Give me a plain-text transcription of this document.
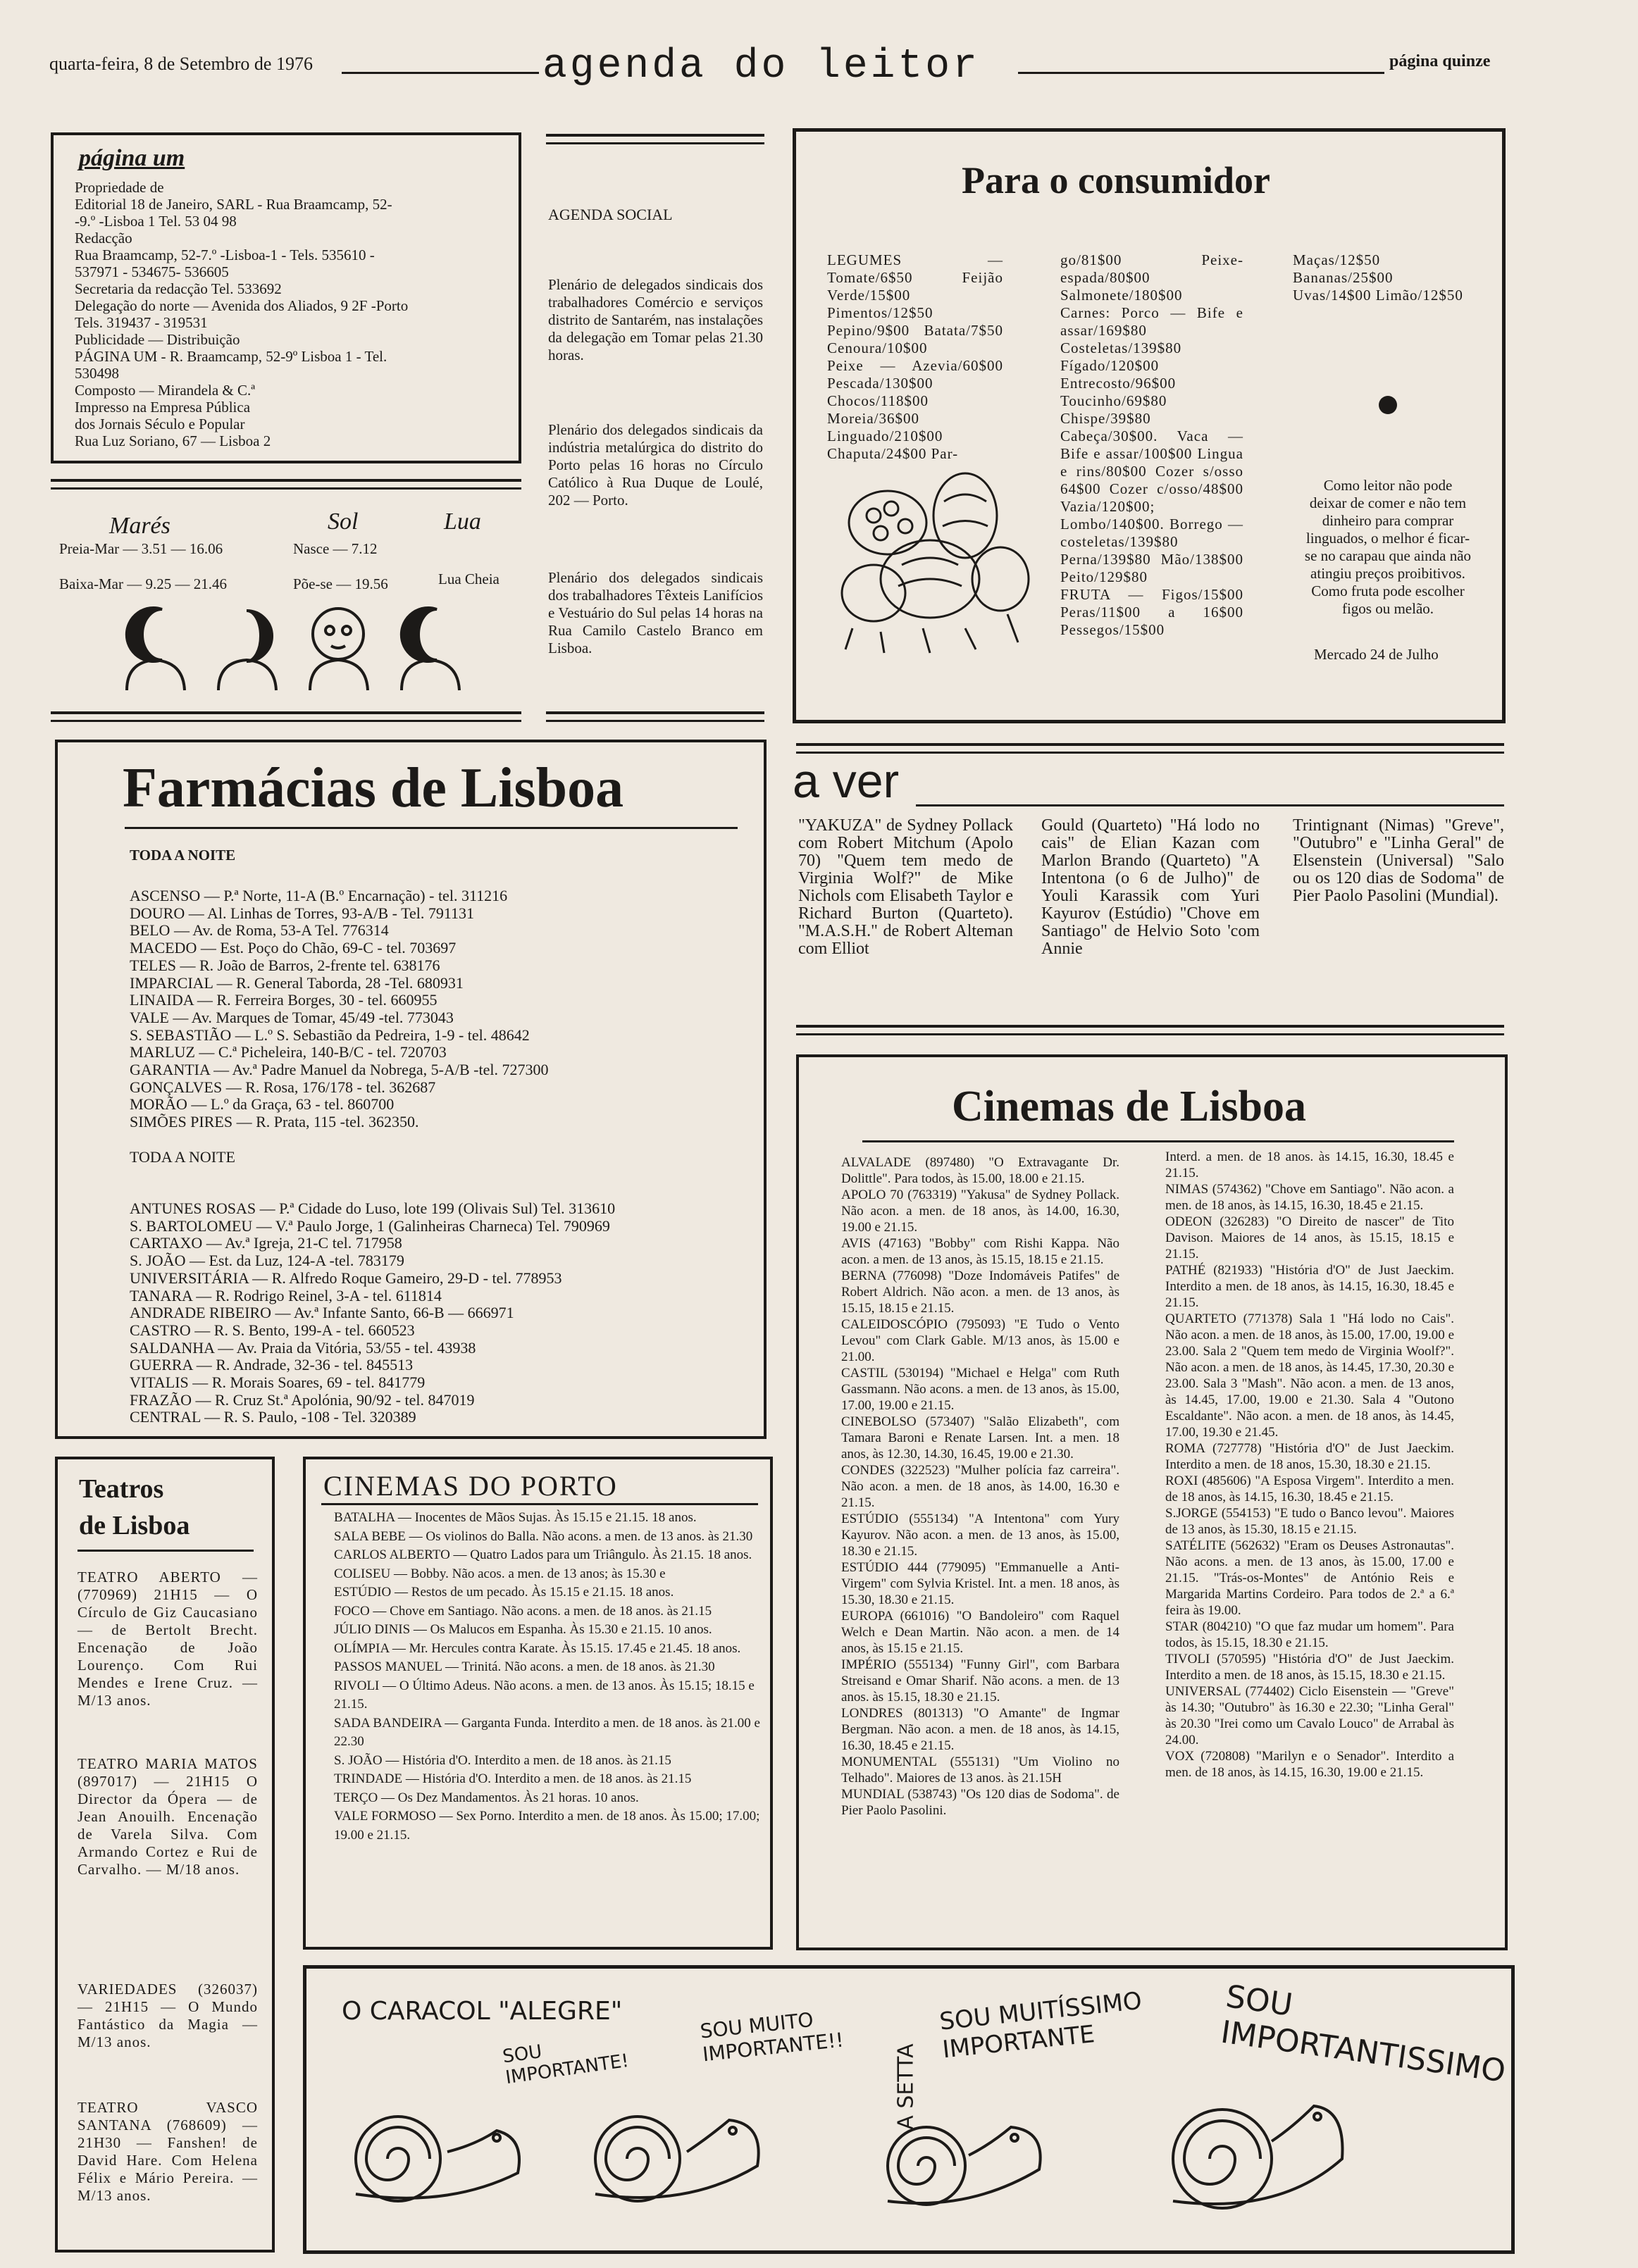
quarta-feira, 8 de Setembro de 1976	agenda do leitor	página quinze
página um
Propriedade de
Editorial 18 de Janeiro, SARL - Rua Braamcamp, 52-
-9.º -Lisboa 1 Tel. 53 04 98
Redacção
Rua Braamcamp, 52-7.º -Lisboa-1 - Tels. 535610 -
537971 - 534675- 536605
Secretaria da redacção Tel. 533692
Delegação do norte — Avenida dos Aliados, 9 2F -Porto
Tels. 319437 - 319531
Publicidade — Distribuição
PÁGINA UM - R. Braamcamp, 52-9º Lisboa 1 - Tel.
530498
Composto — Mirandela & C.ª
Impresso na Empresa Pública
dos Jornais Século e Popular
Rua Luz Soriano, 67 — Lisboa 2
Marés	Sol	Lua
Preia-Mar — 3.51 — 16.06	Nasce — 7.12
Baixa-Mar — 9.25 — 21.46	Põe-se — 19.56	Lua Cheia
AGENDA SOCIAL
Plenário de delegados sindicais dos trabalhadores Comércio e serviços distrito de Santarém, nas instalações da delegação em Tomar pelas 21.30 horas.
Plenário dos delegados sindicais da indústria metalúrgica do distrito do Porto pelas 16 horas no Círculo Católico à Rua Duque de Loulé, 202 — Porto.
Plenário dos delegados sindicais dos trabalhadores Têxteis Lanifícios e Vestuário do Sul pelas 14 horas na Rua Camilo Castelo Branco em Lisboa.
Para o consumidor
LEGUMES — Tomate/6$50 Feijão Verde/15$00 Pimentos/12$50 Pepino/9$00 Batata/7$50 Cenoura/10$00
Peixe — Azevia/60$00 Pescada/130$00 Chocos/118$00 Moreia/36$00 Linguado/210$00 Chaputa/24$00 Par-
go/81$00 Peixe-espada/80$00 Salmonete/180$00
Carnes: Porco — Bife e assar/169$80 Costeletas/139$80 Fígado/120$00 Entrecosto/96$00 Toucinho/69$80 Chispe/39$80 Cabeça/30$00. Vaca — Bife e assar/100$00 Lingua e rins/80$00 Cozer s/osso 64$00 Cozer c/osso/48$00 Vazia/120$00; Lombo/140$00. Borrego — costeletas/139$80 Perna/139$80 Mão/138$00 Peito/129$80
FRUTA — Figos/15$00 Peras/11$00 a 16$00 Pessegos/15$00
Maças/12$50 Bananas/25$00 Uvas/14$00 Limão/12$50
Como leitor não pode deixar de comer e não tem dinheiro para comprar linguados, o melhor é ficar-se no carapau que ainda não atingiu preços proibitivos. Como fruta pode escolher figos ou melão.
Mercado 24 de Julho
Farmácias de Lisboa
TODA A NOITE
ASCENSO — P.ª Norte, 11-A (B.º Encarnação) - tel. 311216
DOURO — Al. Linhas de Torres, 93-A/B - Tel. 791131
BELO — Av. de Roma, 53-A Tel. 776314
MACEDO — Est. Poço do Chão, 69-C - tel. 703697
TELES — R. João de Barros, 2-frente tel. 638176
IMPARCIAL — R. General Taborda, 28 -Tel. 680931
LINAIDA — R. Ferreira Borges, 30 - tel. 660955
VALE — Av. Marques de Tomar, 45/49 -tel. 773043
S. SEBASTIÃO — L.º S. Sebastião da Pedreira, 1-9 - tel. 48642
MARLUZ — C.ª Picheleira, 140-B/C - tel. 720703
GARANTIA — Av.ª Padre Manuel da Nobrega, 5-A/B -tel. 727300
GONÇALVES — R. Rosa, 176/178 - tel. 362687
MORÃO — L.º da Graça, 63 - tel. 860700
SIMÕES PIRES — R. Prata, 115 -tel. 362350.
TODA A NOITE
ANTUNES ROSAS — P.ª Cidade do Luso, lote 199 (Olivais Sul) Tel. 313610
S. BARTOLOMEU — V.ª Paulo Jorge, 1 (Galinheiras Charneca) Tel. 790969
CARTAXO — Av.ª Igreja, 21-C tel. 717958
S. JOÃO — Est. da Luz, 124-A -tel. 783179
UNIVERSITÁRIA — R. Alfredo Roque Gameiro, 29-D - tel. 778953
TANARA — R. Rodrigo Reinel, 3-A - tel. 611814
ANDRADE RIBEIRO — Av.ª Infante Santo, 66-B — 666971
CASTRO — R. S. Bento, 199-A - tel. 660523
SALDANHA — Av. Praia da Vitória, 53/55 - tel. 43938
GUERRA — R. Andrade, 32-36 - tel. 845513
VITALIS — R. Morais Soares, 69 - tel. 841779
FRAZÃO — R. Cruz St.ª Apolónia, 90/92 - tel. 847019
CENTRAL — R. S. Paulo, -108 - Tel. 320389
a ver
"YAKUZA" de Sydney Pollack com Robert Mitchum (Apolo 70) "Quem tem medo de Virginia Wolf?" de Mike Nichols com Elisabeth Taylor e Richard Burton (Quarteto). "M.A.S.H." de Robert Alteman com Elliot
Gould (Quarteto) "Há lodo no cais" de Elian Kazan com Marlon Brando (Quarteto) "A Intentona (o 6 de Julho)" de Youli Karassik com Yuri Kayurov (Estúdio) "Chove em Santiago" de Helvio Soto 'com Annie
Trintignant (Nimas) "Greve", "Outubro" e "Linha Geral" de Elsenstein (Universal) "Salo ou os 120 dias de Sodoma" de Pier Paolo Pasolini (Mundial).
Cinemas de Lisboa
ALVALADE (897480) "O Extravagante Dr. Dolittle". Para todos, às 15.00, 18.00 e 21.15.
APOLO 70 (763319) "Yakusa" de Sydney Pollack. Não acon. a men. de 18 anos, às 14.00, 16.30, 19.00 e 21.15.
AVIS (47163) "Bobby" com Rishi Kappa. Não acon. a men. de 13 anos, às 15.15, 18.15 e 21.15.
BERNA (776098) "Doze Indomáveis Patifes" de Robert Aldrich. Não acon. a men. de 13 anos, às 15.15, 18.15 e 21.15.
CALEIDOSCÓPIO (795093) "E Tudo o Vento Levou" com Clark Gable. M/13 anos, às 15.00 e 21.00.
CASTIL (530194) "Michael e Helga" com Ruth Gassmann. Não acons. a men. de 13 anos, às 15.00, 17.00, 19.00 e 21.15.
CINEBOLSO (573407) "Salão Elizabeth", com Tamara Baroni e Renate Larsen. Int. a men. 18 anos, às 12.30, 14.30, 16.45, 19.00 e 21.30.
CONDES (322523) "Mulher polícia faz carreira". Não acon. a men. de 18 anos, às 14.00, 16.30 e 21.15.
ESTÚDIO (555134) "A Intentona" com Yury Kayurov. Não acon. a men. de 13 anos, às 15.00, 18.30 e 21.15.
ESTÚDIO 444 (779095) "Emmanuelle a Anti-Virgem" com Sylvia Kristel. Int. a men. 18 anos, às 15.30, 18.30 e 21.15.
EUROPA (661016) "O Bandoleiro" com Raquel Welch e Dean Martin. Não acon. a men. de 14 anos, às 15.15 e 21.15.
IMPÉRIO (555134) "Funny Girl", com Barbara Streisand e Omar Sharif. Não acons. a men. de 13 anos. às 15.15, 18.30 e 21.15.
LONDRES (801313) "O Amante" de Ingmar Bergman. Não acon. a men. de 18 anos, às 14.15, 16.30, 18.45 e 21.15.
MONUMENTAL (555131) "Um Violino no Telhado". Maiores de 13 anos. às 21.15H
MUNDIAL (538743) "Os 120 dias de Sodoma". de Pier Paolo Pasolini.
Interd. a men. de 18 anos. às 14.15, 16.30, 18.45 e 21.15.
NIMAS (574362) "Chove em Santiago". Não acon. a men. de 18 anos, às 14.15, 16.30, 18.45 e 21.15.
ODEON (326283) "O Direito de nascer" de Tito Davison. Maiores de 14 anos, às 15.15, 18.15 e 21.15.
PATHÉ (821933) "História d'O" de Just Jaeckim. Interdito a men. de 18 anos, às 14.15, 16.30, 18.45 e 21.15.
QUARTETO (771378) Sala 1 "Há lodo no Cais". Não acon. a men. de 18 anos, às 15.00, 17.00, 19.00 e 23.00. Sala 2 "Quem tem medo de Virginia Woolf?". Não acon. a men. de 18 anos, às 14.45, 17.30, 20.30 e 23.00. Sala 3 "Mash". Não acon. a men. de 13 anos, às 14.45, 17.00, 19.00 e 21.30. Sala 4 "Outono Escaldante". Não acon. a men. de 18 anos, às 14.45, 17.00, 19.30 e 21.45.
ROMA (727778) "História d'O" de Just Jaeckim. Interdito a men. de 18 anos, 15.30, 18.30 e 21.15.
ROXI (485606) "A Esposa Virgem". Interdito a men. de 18 anos, às 14.15, 16.30, 18.45 e 21.15.
S.JORGE (554153) "E tudo o Banco levou". Maiores de 13 anos, às 15.30, 18.15 e 21.15.
SATÉLITE (562632) "Eram os Deuses Astronautas". Não acons. a men. de 13 anos, às 15.00, 17.00 e 21.15. "Trás-os-Montes" de António Reis e Margarida Martins Cordeiro. Para todos de 2.ª a 6.ª feira às 19.00.
STAR (804210) "O que faz mudar um homem". Para todos, às 15.15, 18.30 e 21.15.
TIVOLI (570595) "História d'O" de Just Jaeckim. Interdito a men. de 18 anos, às 15.15, 18.30 e 21.15.
UNIVERSAL (774402) Ciclo Eisenstein — "Greve" às 14.30; "Outubro" às 16.30 e 22.30; "Linha Geral" às 20.30 "Irei como um Cavalo Louco" de Arrabal às 24.00.
VOX (720808) "Marilyn e o Senador". Interdito a men. de 18 anos, às 14.15, 16.30, 19.00 e 21.15.
Teatros
de Lisboa
TEATRO ABERTO — (770969) 21H15 — O Círculo de Giz Caucasiano — de Bertolt Brecht. Encenação de João Lourenço. Com Rui Mendes e Irene Cruz. — M/13 anos.
TEATRO MARIA MATOS (897017) — 21H15 O Director da Ópera — de Jean Anouilh. Encenação de Varela Silva. Com Armando Cortez e Rui de Carvalho. — M/18 anos.
VARIEDADES (326037) — 21H15 — O Mundo Fantástico da Magia — M/13 anos.
TEATRO VASCO SANTANA (768609) — 21H30 — Fanshen! de David Hare. Com Helena Félix e Mário Pereira. — M/13 anos.
CINEMAS DO PORTO
BATALHA — Inocentes de Mãos Sujas. Às 15.15 e 21.15. 18 anos.
SALA BEBE — Os violinos do Balla. Não acons. a men. de 13 anos. às 21.30
CARLOS ALBERTO — Quatro Lados para um Triângulo. Às 21.15. 18 anos.
COLISEU — Bobby. Não acos. a men. de 13 anos; às 15.30 e
ESTÚDIO — Restos de um pecado. Às 15.15 e 21.15. 18 anos.
FOCO — Chove em Santiago. Não acons. a men. de 18 anos. às 21.15
JÚLIO DINIS — Os Malucos em Espanha. Às 15.30 e 21.15. 10 anos.
OLÍMPIA — Mr. Hercules contra Karate. Às 15.15. 17.45 e 21.45. 18 anos.
PASSOS MANUEL — Trinitá. Não acons. a men. de 18 anos. às 21.30
RIVOLI — O Último Adeus. Não acons. a men. de 13 anos. Às 15.15; 18.15 e 21.15.
SADA BANDEIRA — Garganta Funda. Interdito a men. de 18 anos. às 21.00 e 22.30
S. JOÃO — História d'O. Interdito a men. de 18 anos. às 21.15
TRINDADE — História d'O. Interdito a men. de 18 anos. às 21.15
TERÇO — Os Dez Mandamentos. Às 21 horas. 10 anos.
VALE FORMOSO — Sex Porno. Interdito a men. de 18 anos. Às 15.00; 17.00; 19.00 e 21.15.
O CARACOL "ALEGRE"
SOU IMPORTANTE!
SOU MUITO IMPORTANTE!!	A SETTA
SOU MUITÍSSIMO IMPORTANTE
SOU IMPORTANTISSIMO
